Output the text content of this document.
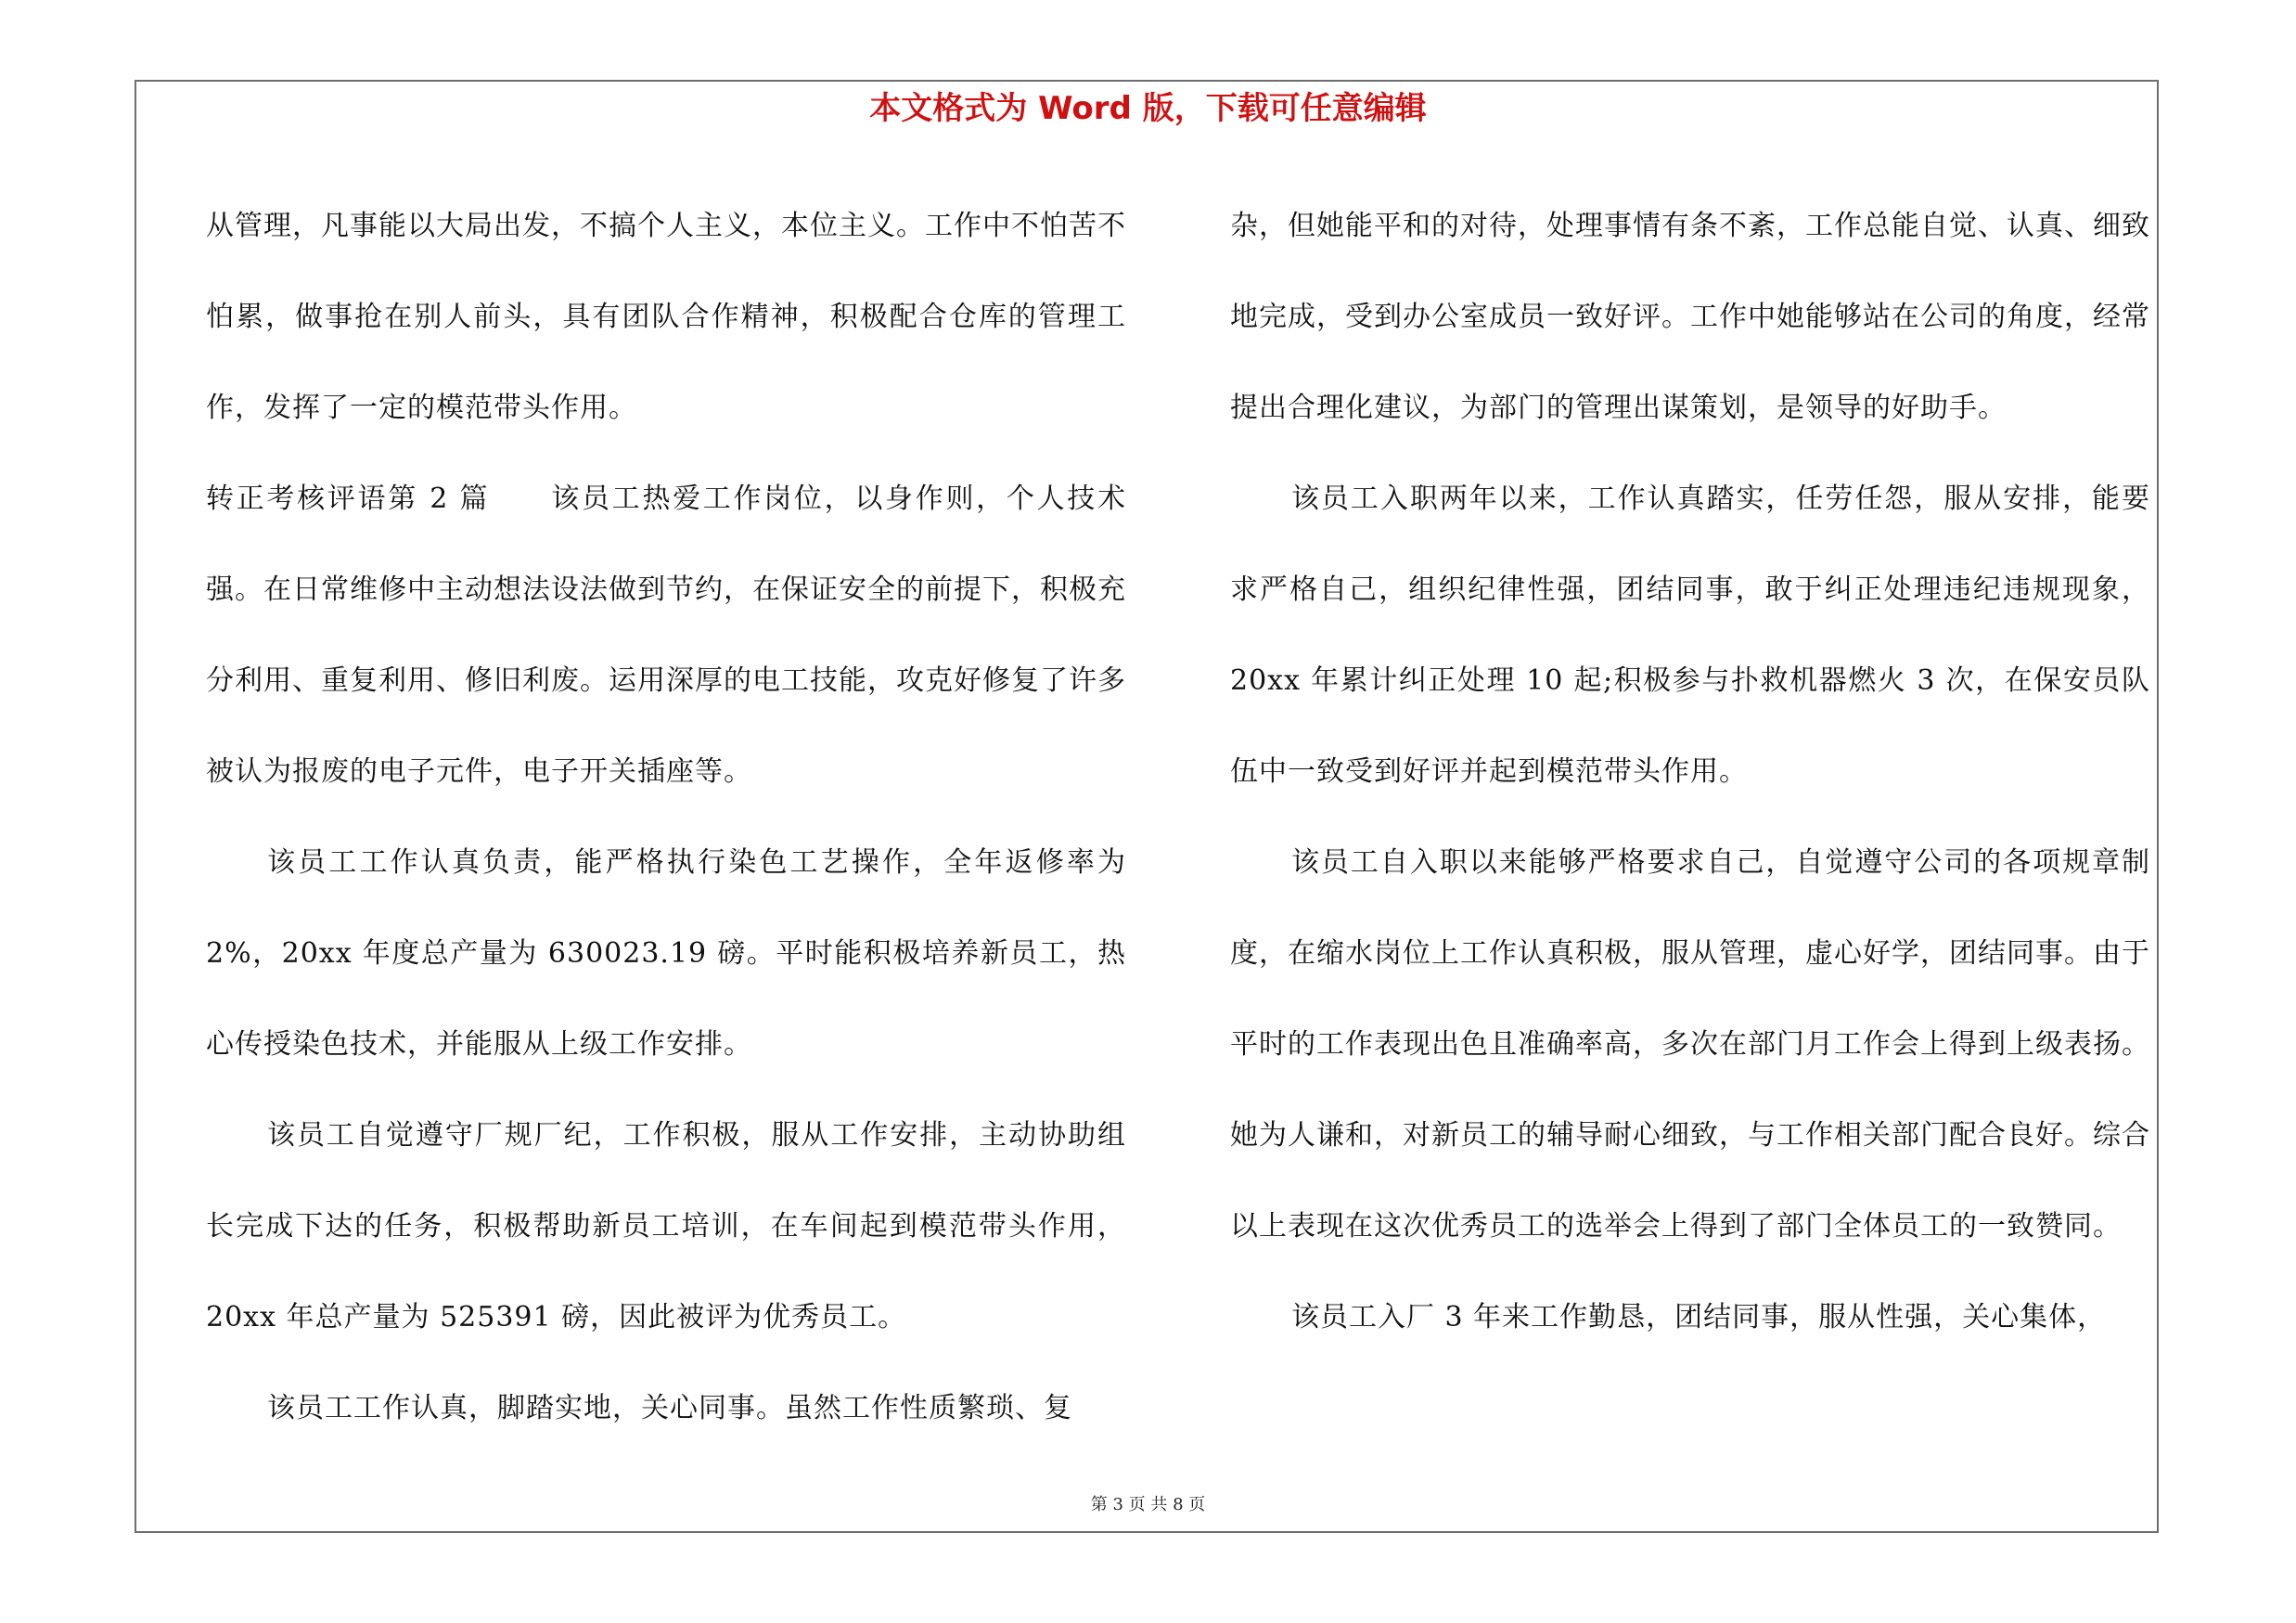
本文格式为 Word 版，下载可任意编辑

从管理，凡事能以大局出发，不搞个人主义，本位主义。工作中不怕苦不怕累，做事抢在别人前头，具有团队合作精神，积极配合仓库的管理工作，发挥了一定的模范带头作用。

转正考核评语第 2 篇 该员工热爱工作岗位，以身作则，个人技术强。在日常维修中主动想法设法做到节约，在保证安全的前提下，积极充分利用、重复利用、修旧利废。运用深厚的电工技能，攻克好修复了许多被认为报废的电子元件，电子开关插座等。

该员工工作认真负责，能严格执行染色工艺操作，全年返修率为 2%，20xx 年度总产量为 630023.19 磅。平时能积极培养新员工，热心传授染色技术，并能服从上级工作安排。

该员工自觉遵守厂规厂纪，工作积极，服从工作安排，主动协助组长完成下达的任务，积极帮助新员工培训，在车间起到模范带头作用，20xx 年总产量为 525391 磅，因此被评为优秀员工。

该员工工作认真，脚踏实地，关心同事。虽然工作性质繁琐、复

杂，但她能平和的对待，处理事情有条不紊，工作总能自觉、认真、细致地完成，受到办公室成员一致好评。工作中她能够站在公司的角度，经常提出合理化建议，为部门的管理出谋策划，是领导的好助手。

该员工入职两年以来，工作认真踏实，任劳任怨，服从安排，能要求严格自己，组织纪律性强，团结同事，敢于纠正处理违纪违规现象，20xx 年累计纠正处理 10 起;积极参与扑救机器燃火 3 次，在保安员队伍中一致受到好评并起到模范带头作用。

该员工自入职以来能够严格要求自己，自觉遵守公司的各项规章制度，在缩水岗位上工作认真积极，服从管理，虚心好学，团结同事。由于平时的工作表现出色且准确率高，多次在部门月工作会上得到上级表扬。她为人谦和，对新员工的辅导耐心细致，与工作相关部门配合良好。综合以上表现在这次优秀员工的选举会上得到了部门全体员工的一致赞同。

该员工入厂 3 年来工作勤恳，团结同事，服从性强，关心集体，

第 3 页 共 8 页
